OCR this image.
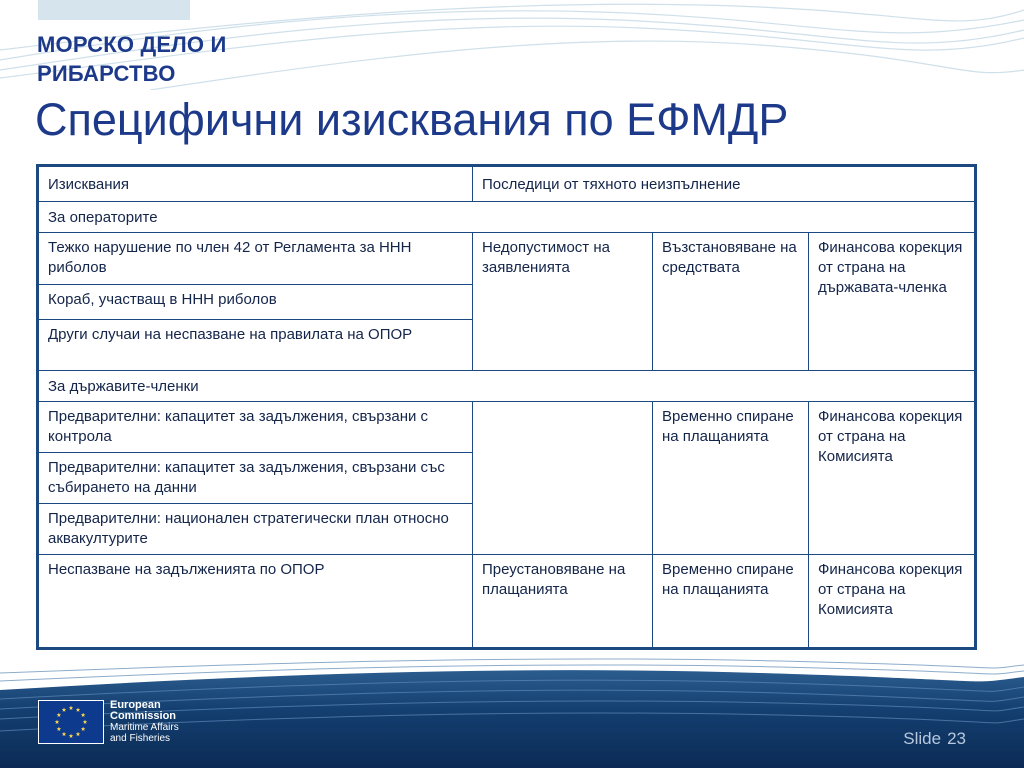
МОРСКО ДЕЛО И
РИБАРСТВО
Специфични изисквания по ЕФМДР
Изисквания	Последици от тяхното неизпълнение		
За операторите			
Тежко нарушение по член 42 от Регламента за ННН риболов	Недопустимост на заявленията	Възстановяване на средствата	Финансова корекция от страна на държавата-членка
Кораб, участващ в ННН риболов			
Други случаи на неспазване на правилата на ОПОР			
За държавите-членки			
Предварителни: капацитет за задължения, свързани с контрола		Временно спиране на плащанията	Финансова корекция от страна на Комисията
Предварителни: капацитет за задължения, свързани със събирането на данни			
Предварителни: национален стратегически план относно аквакултурите			
Неспазване на задълженията по ОПОР	Преустановяване на плащанията	Временно спиране на плащанията	Финансова корекция от страна на Комисията
European
Commission
Maritime Affairs
and Fisheries	Slide 23
